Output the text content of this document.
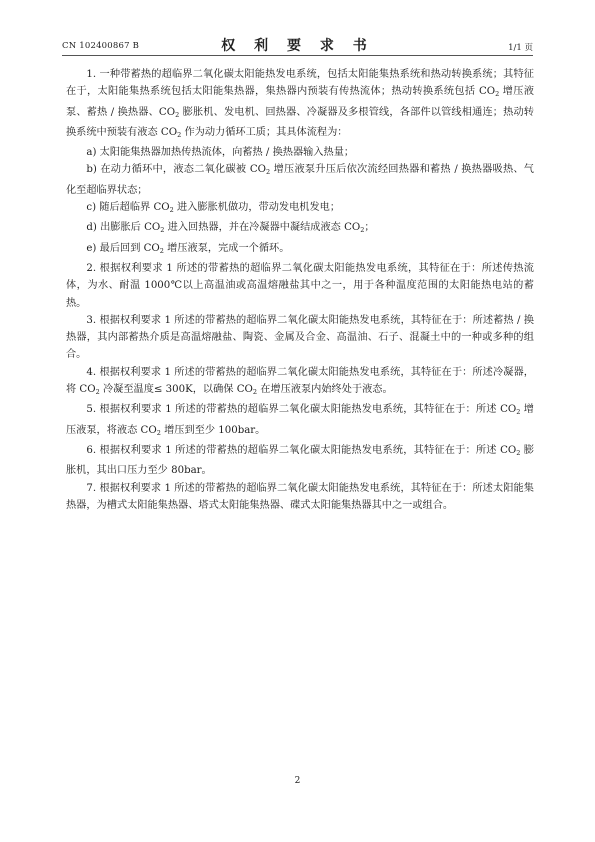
CN 102400867 B	权 利 要 求 书	1/1 页

1. 一种带蓄热的超临界二氧化碳太阳能热发电系统，包括太阳能集热系统和热动转换系统；其特征在于，太阳能集热系统包括太阳能集热器，集热器内预装有传热流体；热动转换系统包括 $CO_2$ 增压液泵、蓄热 / 换热器、$CO_2$ 膨胀机、发电机、回热器、冷凝器及多根管线，各部件以管线相通连；热动转换系统中预装有液态 $CO_2$ 作为动力循环工质；其具体流程为：

a) 太阳能集热器加热传热流体，向蓄热 / 换热器输入热量；

b) 在动力循环中，液态二氧化碳被 $CO_2$ 增压液泵升压后依次流经回热器和蓄热 / 换热器吸热、气化至超临界状态；

c) 随后超临界 $CO_2$ 进入膨胀机做功，带动发电机发电；

d) 出膨胀后 $CO_2$ 进入回热器，并在冷凝器中凝结成液态 $CO_2$；

e) 最后回到 $CO_2$ 增压液泵，完成一个循环。

2. 根据权利要求 1 所述的带蓄热的超临界二氧化碳太阳能热发电系统，其特征在于：所述传热流体，为水、耐温 1000℃以上高温油或高温熔融盐其中之一，用于各种温度范围的太阳能热电站的蓄热。

3. 根据权利要求 1 所述的带蓄热的超临界二氧化碳太阳能热发电系统，其特征在于：所述蓄热 / 换热器，其内部蓄热介质是高温熔融盐、陶瓷、金属及合金、高温油、石子、混凝土中的一种或多种的组合。

4. 根据权利要求 1 所述的带蓄热的超临界二氧化碳太阳能热发电系统，其特征在于：所述冷凝器，将 $CO_2$ 冷凝至温度≤ 300K，以确保 $CO_2$ 在增压液泵内始终处于液态。

5. 根据权利要求 1 所述的带蓄热的超临界二氧化碳太阳能热发电系统，其特征在于：所述 $CO_2$ 增压液泵，将液态 $CO_2$ 增压到至少 100bar。

6. 根据权利要求 1 所述的带蓄热的超临界二氧化碳太阳能热发电系统，其特征在于：所述 $CO_2$ 膨胀机，其出口压力至少 80bar。

7. 根据权利要求 1 所述的带蓄热的超临界二氧化碳太阳能热发电系统，其特征在于：所述太阳能集热器，为槽式太阳能集热器、塔式太阳能集热器、碟式太阳能集热器其中之一或组合。

2
